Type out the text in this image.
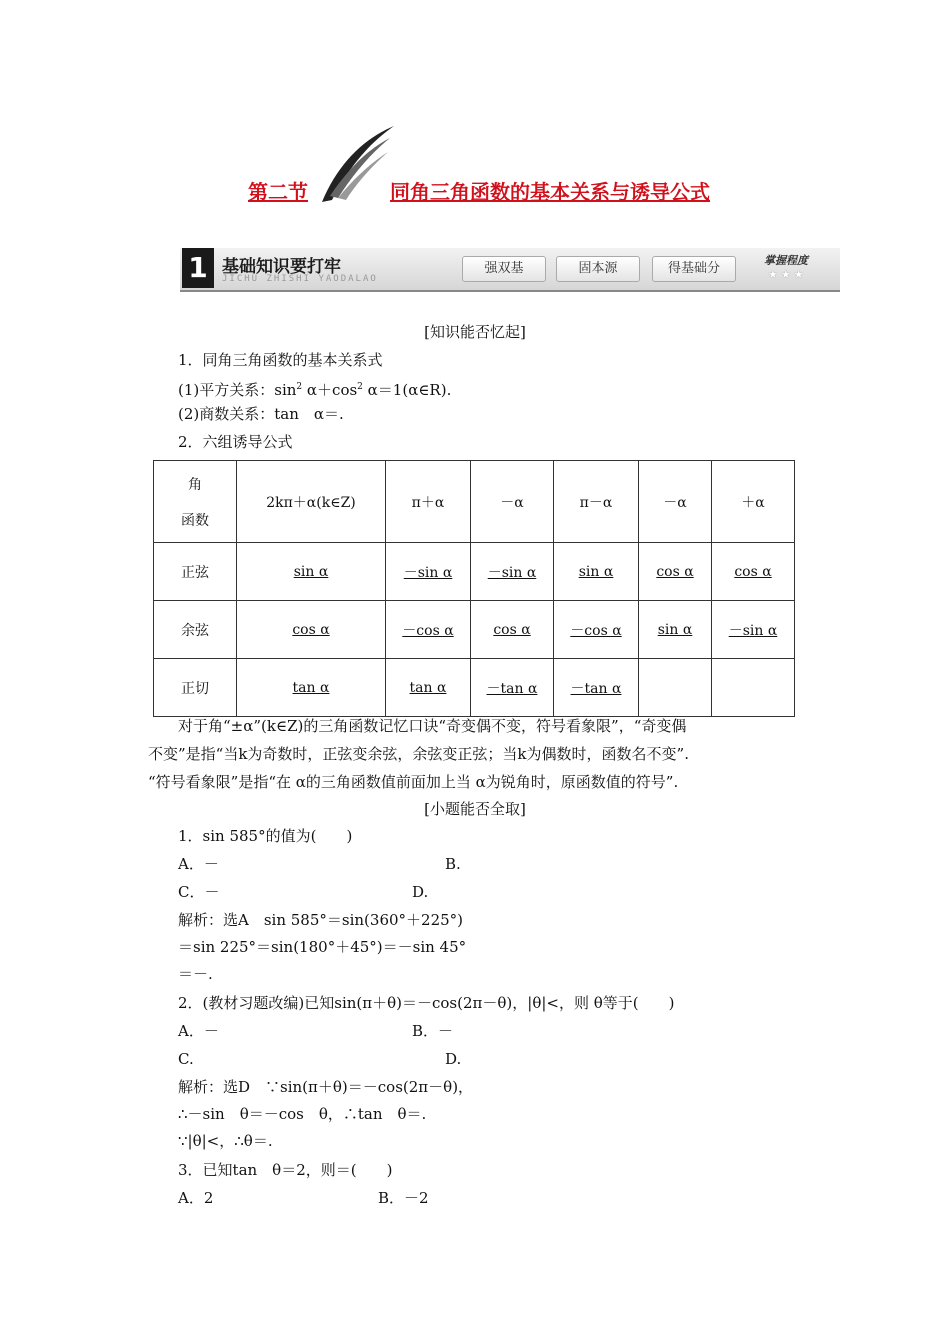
第二节	同角三角函数的基本关系与诱导公式
1 基础知识要打牢
JICHU ZHISHI YAODALAO
强双基	固本源	得基础分
掌握程度
★★★
[知识能否忆起]
1．同角三角函数的基本关系式
(1)平方关系：$\sin^2 \alpha+\cos^2$ α＝1(α∈R).
(2)商数关系：tan　α＝.
2．六组诱导公式
角

函数	2kπ＋α(k∈Z)	π＋α	－α	π－α	－α	＋α
正弦	sin α	－sin α	－sin α	sin α	cos α	cos α
余弦	cos α	－cos α	cos α	－cos α	sin α	－sin α
正切	tan α	tan α	－tan α	－tan α		
对于角“±α”(k∈Z)的三角函数记忆口诀“奇变偶不变，符号看象限”，“奇变偶
不变”是指“当k为奇数时，正弦变余弦，余弦变正弦；当k为偶数时，函数名不变”.
“符号看象限”是指“在 α的三角函数值前面加上当 α为锐角时，原函数值的符号”.
[小题能否全取]
1．sin 585°的值为(　　)
A．－	B.
C．－	D.
解析：选A　sin 585°＝sin(360°＋225°)
＝sin 225°＝sin(180°＋45°)＝－sin 45°
＝－.
2．(教材习题改编)已知sin(π＋θ)＝－cos(2π－θ)，|θ|<，则 θ等于(　　)
A．－	B．－
C.	D.
解析：选D　∵sin(π＋θ)＝－cos(2π－θ)，
∴－sin　θ＝－cos　θ，∴tan　θ＝.
∵|θ|<，∴θ＝.
3．已知tan　θ＝2，则＝(　　)
A．2	B．－2
